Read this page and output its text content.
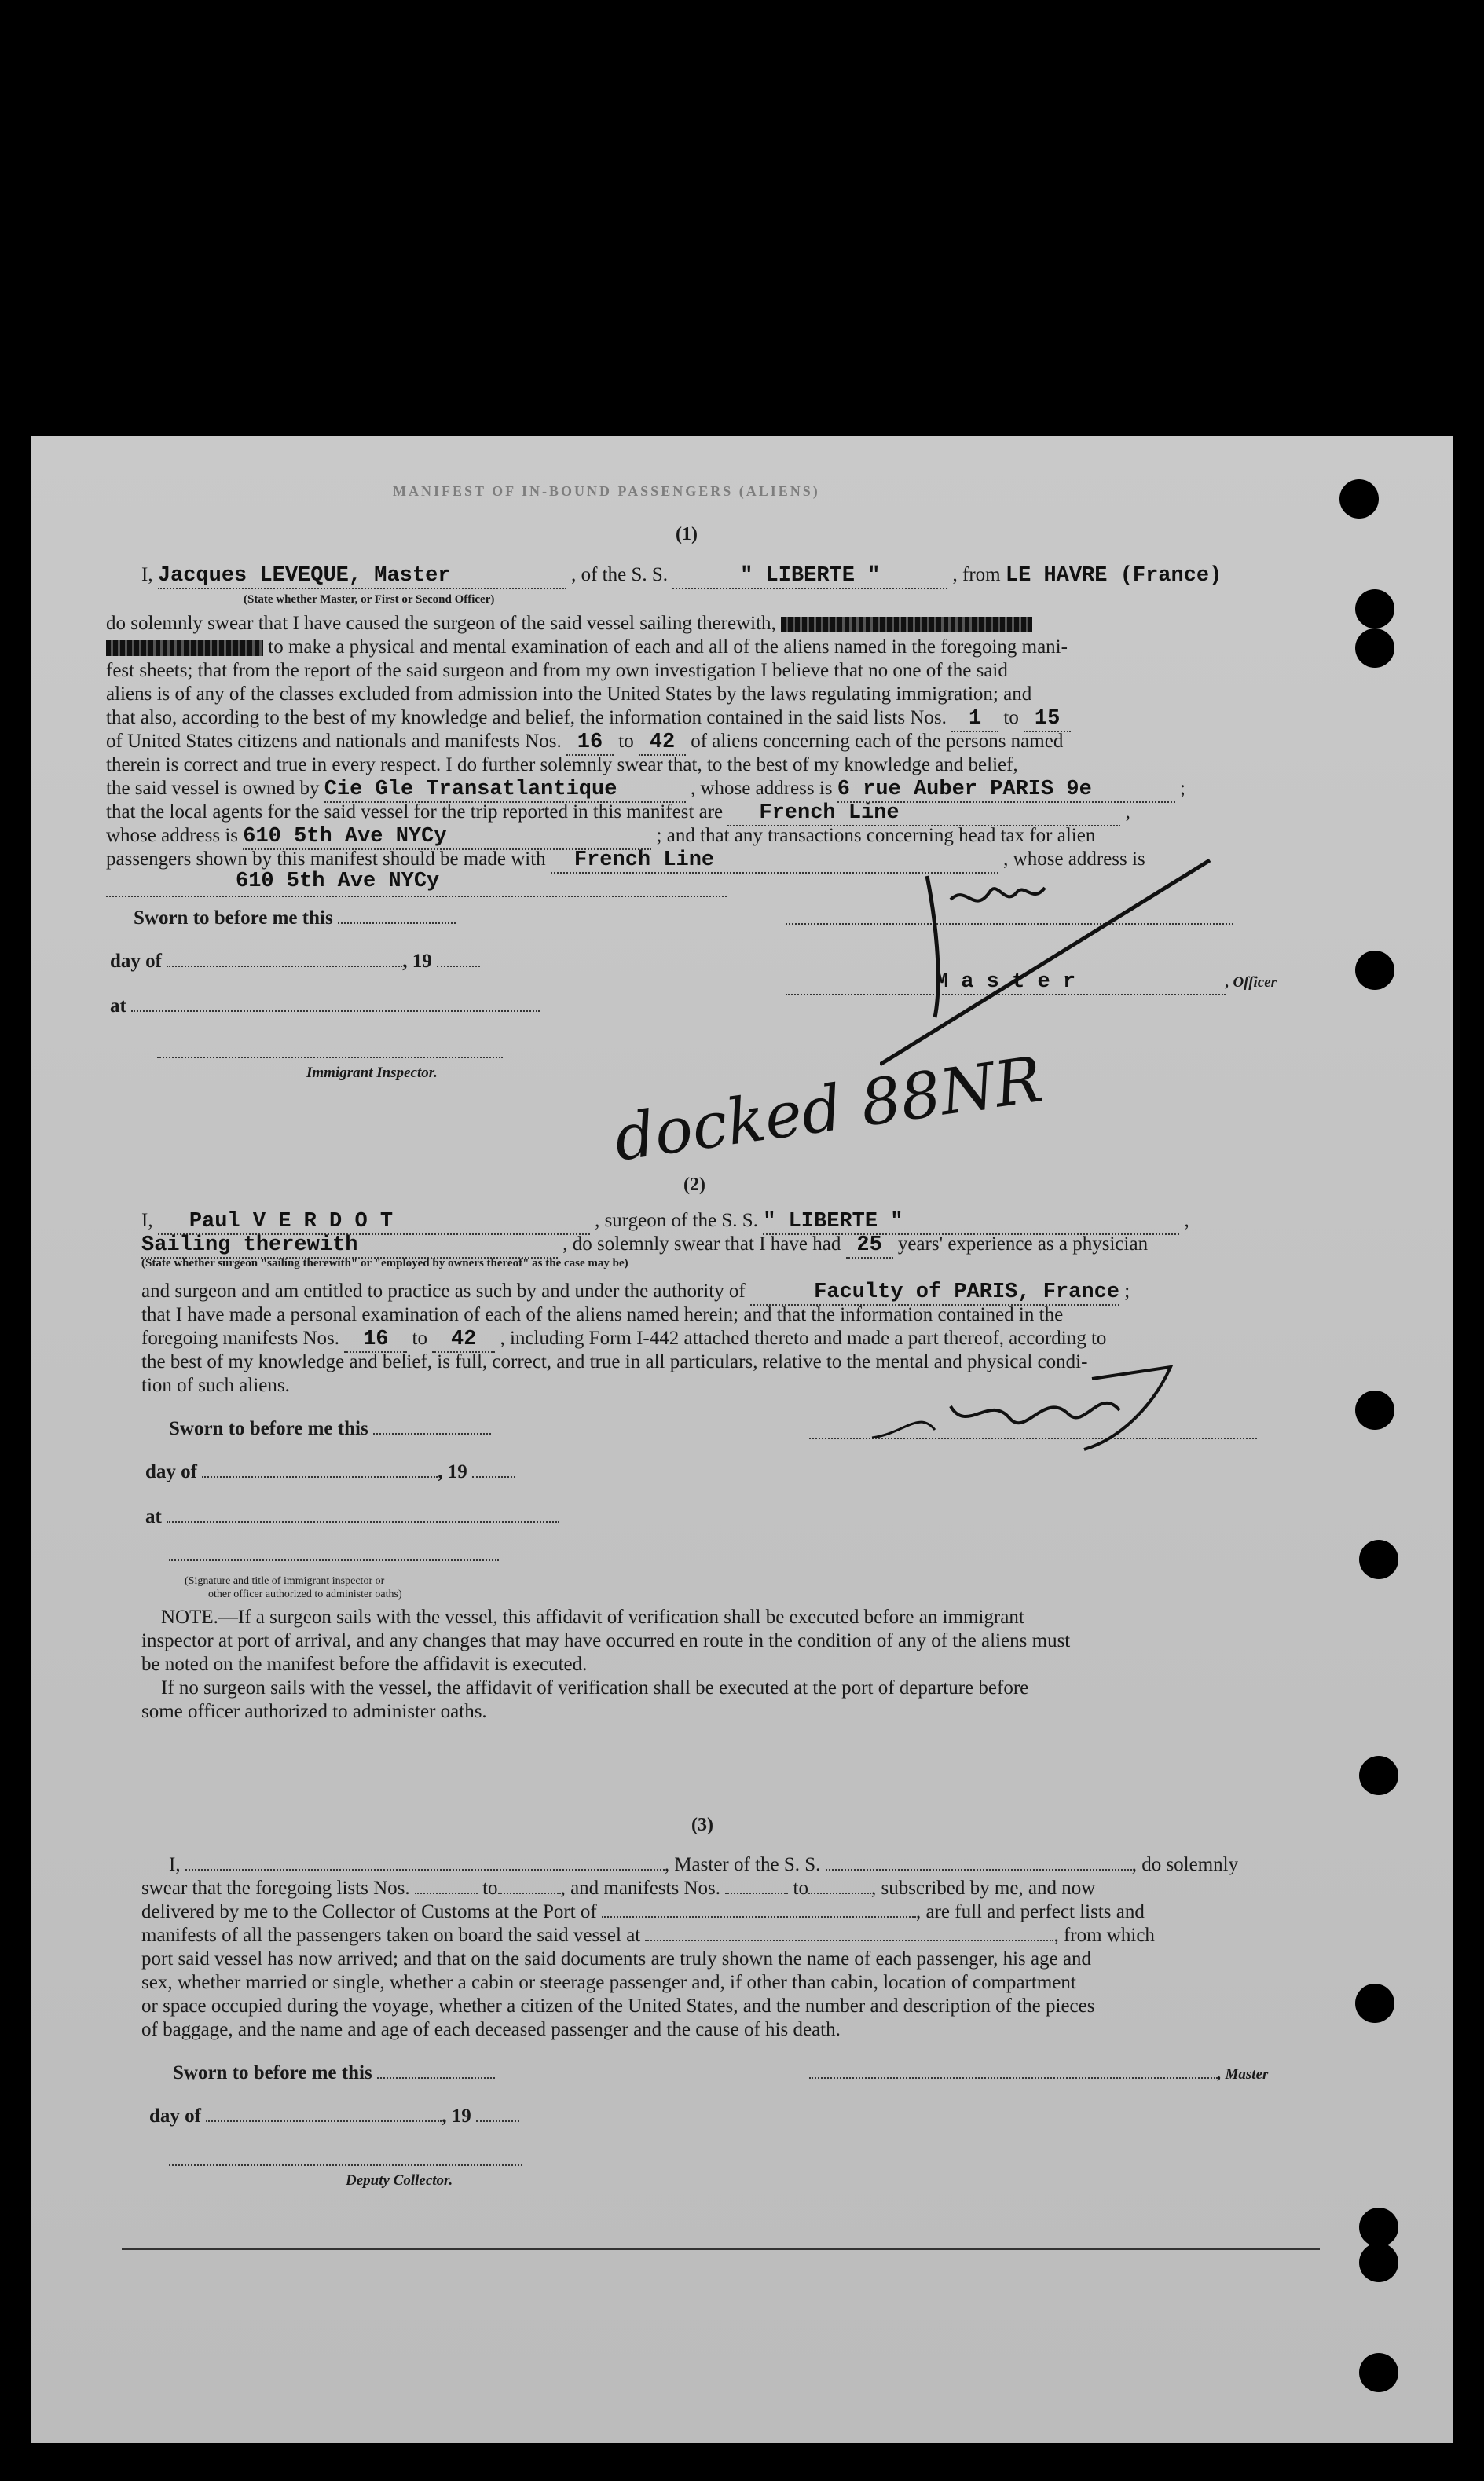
MANIFEST OF IN-BOUND PASSENGERS (ALIENS)
(1)
I, Jacques LEVEQUE, Master	, of the S. S.	" LIBERTE "	, from LE HAVRE (France)
(State whether Master, or First or Second Officer)
do solemnly swear that I have caused the surgeon of the said vessel sailing therewith,
to make a physical and mental examination of each and all of the aliens named in the foregoing mani-
fest sheets; that from the report of the said surgeon and from my own investigation I believe that no one of the said
aliens is of any of the classes excluded from admission into the United States by the laws regulating immigration; and
that also, according to the best of my knowledge and belief, the information contained in the said lists Nos. 1 to 15
of United States citizens and nationals and manifests Nos. 16 to 42 of aliens concerning each of the persons named
therein is correct and true in every respect. I do further solemnly swear that, to the best of my knowledge and belief,
the said vessel is owned by Cie Gle Transatlantique	, whose address is 6 rue Auber PARIS 9e	;
that the local agents for the said vessel for the trip reported in this manifest are French Line	,
whose address is 610 5th Ave NYCy	; and that any transactions concerning head tax for alien
passengers shown by this manifest should be made with French Line	, whose address is
610 5th Ave NYCy
Sworn to before me this
day of	, 19
at
Immigrant Inspector.
M a s t e r	, Officer
docked 88NR
(2)
I, Paul V E R D O T	, surgeon of the S. S. " LIBERTE "	,
Sailing therewith	, do solemnly swear that I have had 25 years' experience as a physician
(State whether surgeon "sailing therewith" or "employed by owners thereof" as the case may be)
and surgeon and am entitled to practice as such by and under the authority of	Faculty of PARIS, France ;
that I have made a personal examination of each of the aliens named herein; and that the information contained in the
foregoing manifests Nos. 16 to 42 , including Form I-442 attached thereto and made a part thereof, according to
the best of my knowledge and belief, is full, correct, and true in all particulars, relative to the mental and physical condi-
tion of such aliens.
Sworn to before me this
day of	, 19
at
(Signature and title of immigrant inspector or
other officer authorized to administer oaths)
NOTE.—If a surgeon sails with the vessel, this affidavit of verification shall be executed before an immigrant
inspector at port of arrival, and any changes that may have occurred en route in the condition of any of the aliens must
be noted on the manifest before the affidavit is executed.
If no surgeon sails with the vessel, the affidavit of verification shall be executed at the port of departure before
some officer authorized to administer oaths.
(3)
I,	, Master of the S. S.	, do solemnly
swear that the foregoing lists Nos.	to	, and manifests Nos.	to	, subscribed by me, and now
delivered by me to the Collector of Customs at the Port of	, are full and perfect lists and
manifests of all the passengers taken on board the said vessel at	, from which
port said vessel has now arrived; and that on the said documents are truly shown the name of each passenger, his age and
sex, whether married or single, whether a cabin or steerage passenger and, if other than cabin, location of compartment
or space occupied during the voyage, whether a citizen of the United States, and the number and description of the pieces
of baggage, and the name and age of each deceased passenger and the cause of his death.
Sworn to before me this	, Master
day of	, 19
Deputy Collector.
